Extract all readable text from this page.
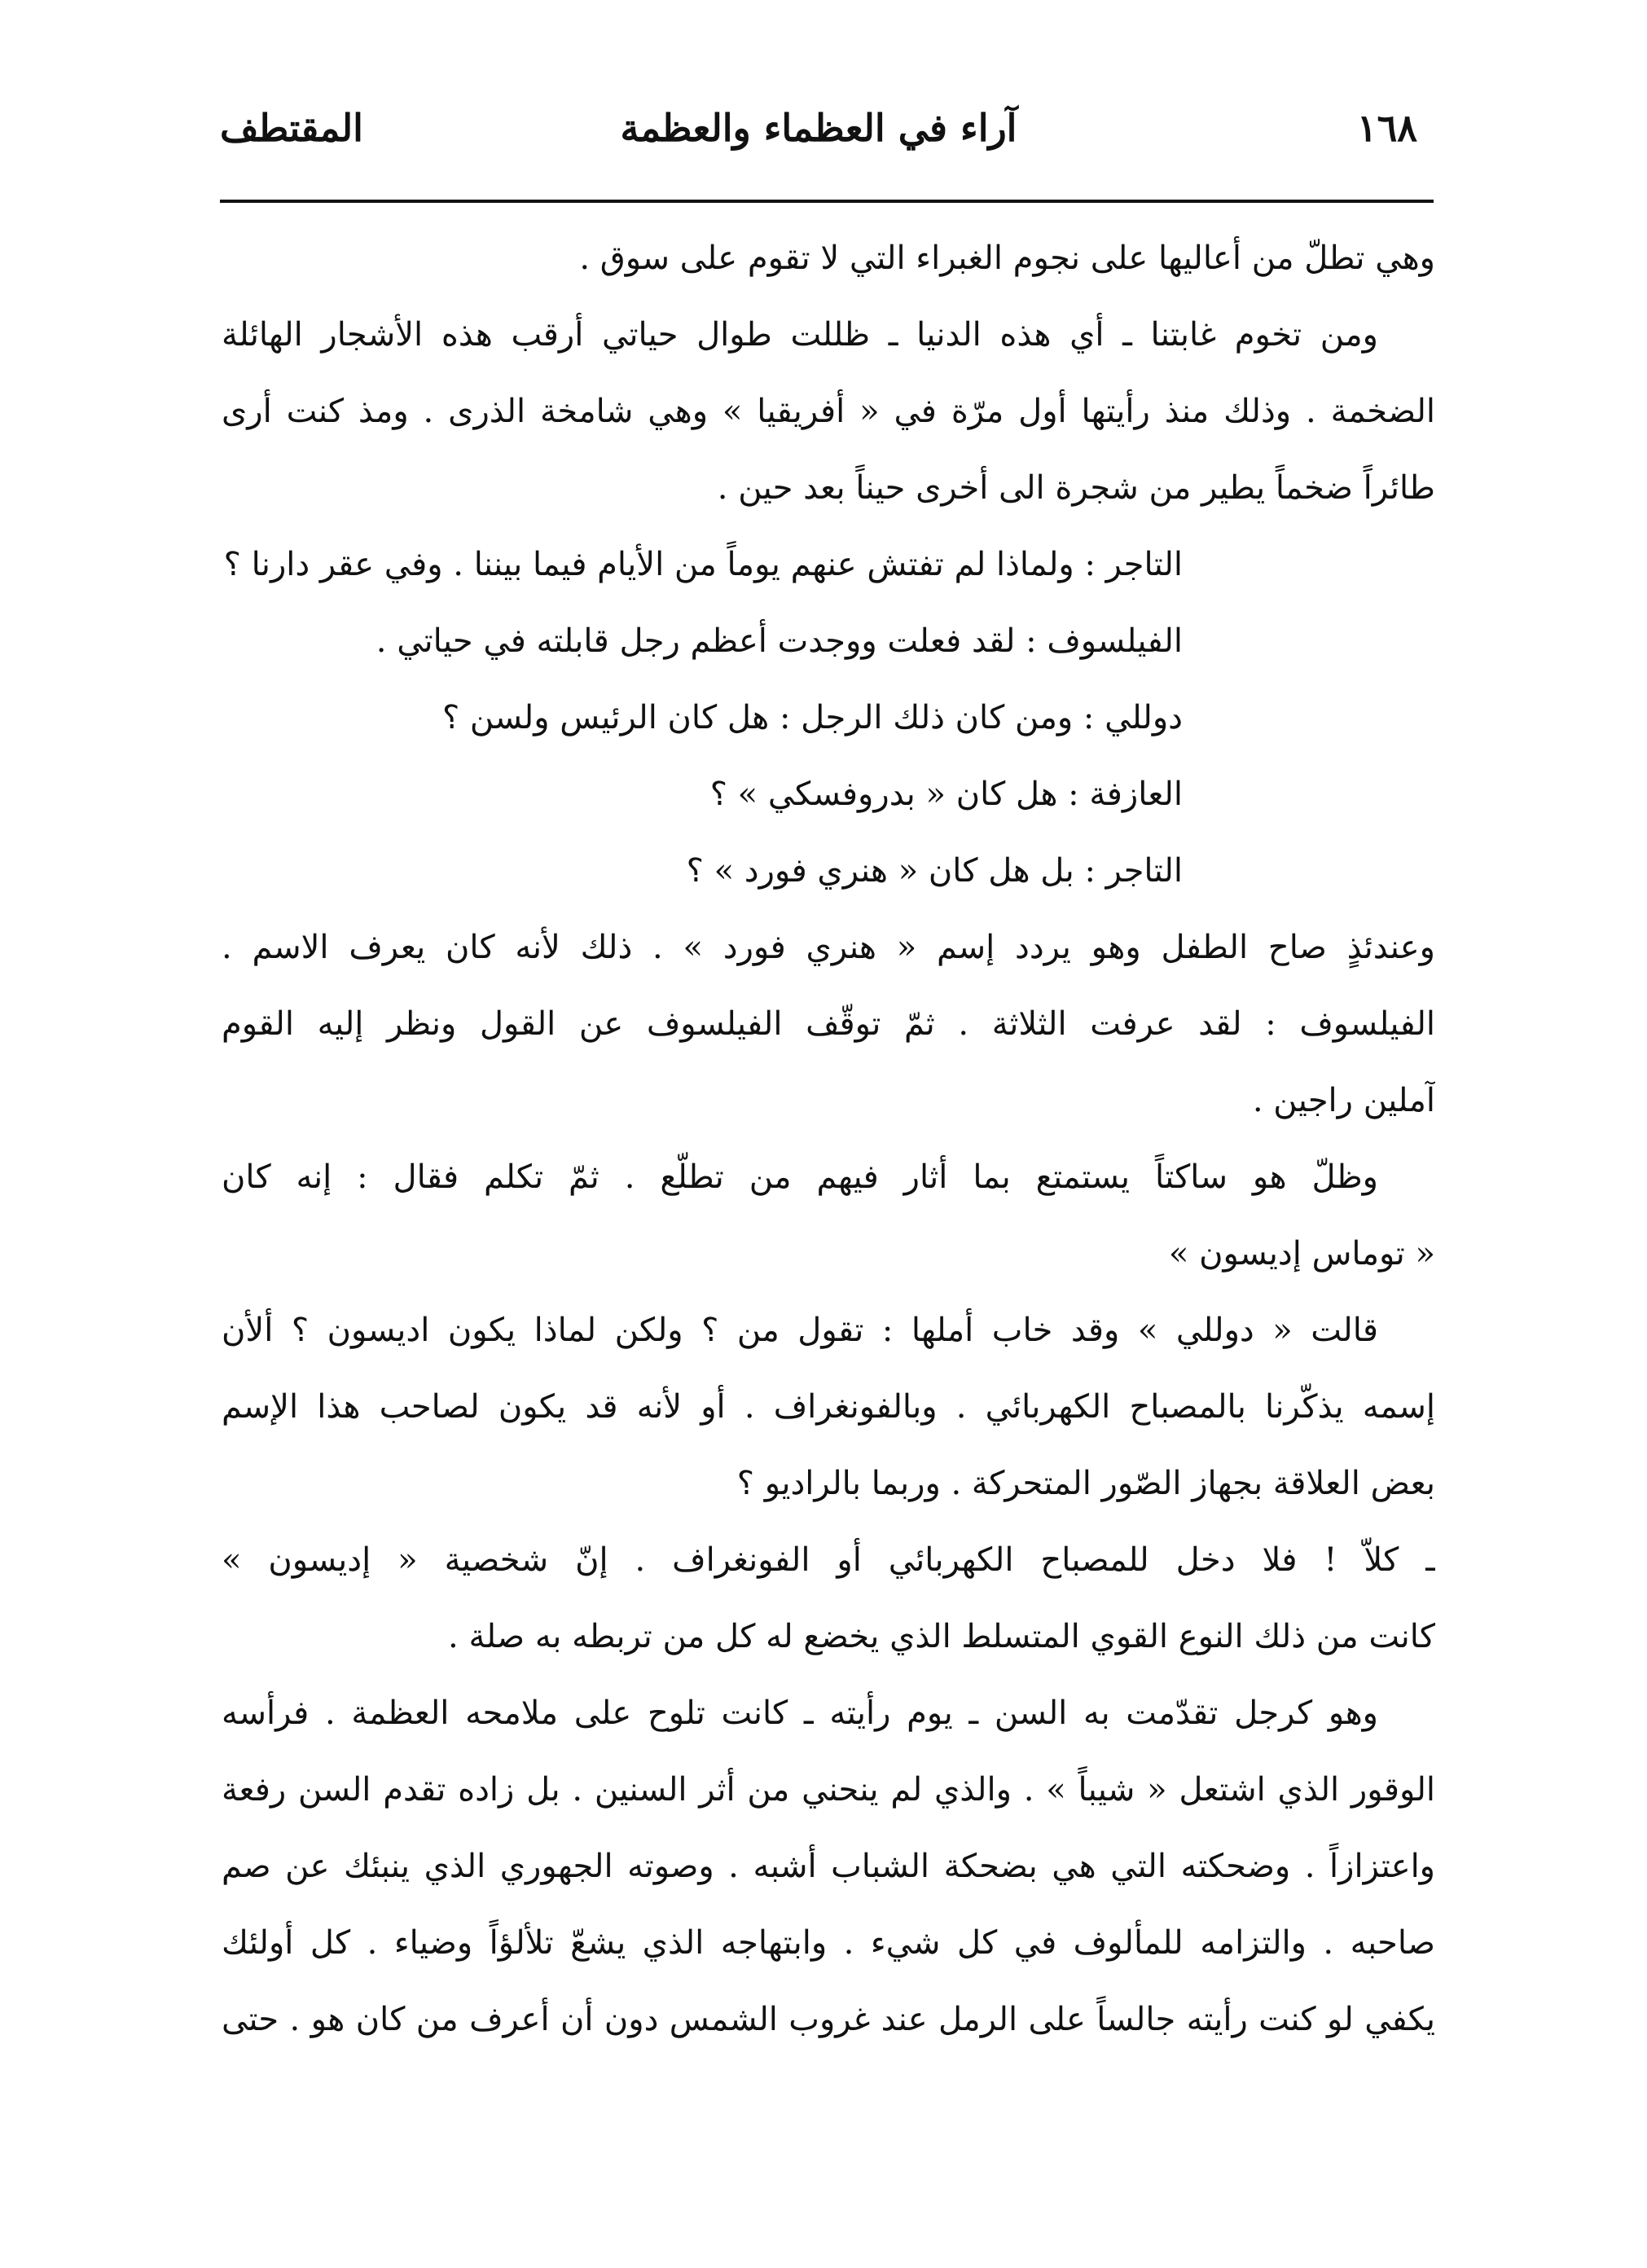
١٦٨
آراء في العظماء والعظمة
المقتطف
وهي تطلّ من أعاليها على نجوم الغبراء التي لا تقوم على سوق .
ومن تخوم غابتنا ـ أي هذه الدنيا ـ ظللت طوال حياتي أرقب هذه الأشجار الهائلة
الضخمة . وذلك منذ رأيتها أول مرّة في « أفريقيا » وهي شامخة الذرى . ومذ كنت أرى
طائراً ضخماً يطير من شجرة الى أخرى حيناً بعد حين .
التاجر : ولماذا لم تفتش عنهم يوماً من الأيام فيما بيننا . وفي عقر دارنا ؟
الفيلسوف : لقد فعلت ووجدت أعظم رجل قابلته في حياتي .
دوللي : ومن كان ذلك الرجل : هل كان الرئيس ولسن ؟
العازفة : هل كان « بدروفسكي » ؟
التاجر : بل هل كان « هنري فورد » ؟
وعندئذٍ صاح الطفل وهو يردد إسم « هنري فورد » . ذلك لأنه كان يعرف الاسم .
الفيلسوف : لقد عرفت الثلاثة . ثمّ توقّف الفيلسوف عن القول ونظر إليه القوم
آملين راجين .
وظلّ هو ساكتاً يستمتع بما أثار فيهم من تطلّع . ثمّ تكلم فقال : إنه كان
« توماس إديسون »
قالت « دوللي » وقد خاب أملها : تقول من ؟ ولكن لماذا يكون اديسون ؟ ألأن
إسمه يذكّرنا بالمصباح الكهربائي . وبالفونغراف . أو لأنه قد يكون لصاحب هذا الإسم
بعض العلاقة بجهاز الصّور المتحركة . وربما بالراديو ؟
ـ كلاّ ! فلا دخل للمصباح الكهربائي أو الفونغراف . إنّ شخصية « إديسون »
كانت من ذلك النوع القوي المتسلط الذي يخضع له كل من تربطه به صلة .
وهو كرجل تقدّمت به السن ـ يوم رأيته ـ كانت تلوح على ملامحه العظمة . فرأسه
الوقور الذي اشتعل « شيباً » . والذي لم ينحني من أثر السنين . بل زاده تقدم السن رفعة
واعتزازاً . وضحكته التي هي بضحكة الشباب أشبه . وصوته الجهوري الذي ينبئك عن صم
صاحبه . والتزامه للمألوف في كل شيء . وابتهاجه الذي يشعّ تلألؤاً وضياء . كل أولئك
يكفي لو كنت رأيته جالساً على الرمل عند غروب الشمس دون أن أعرف من كان هو . حتى
